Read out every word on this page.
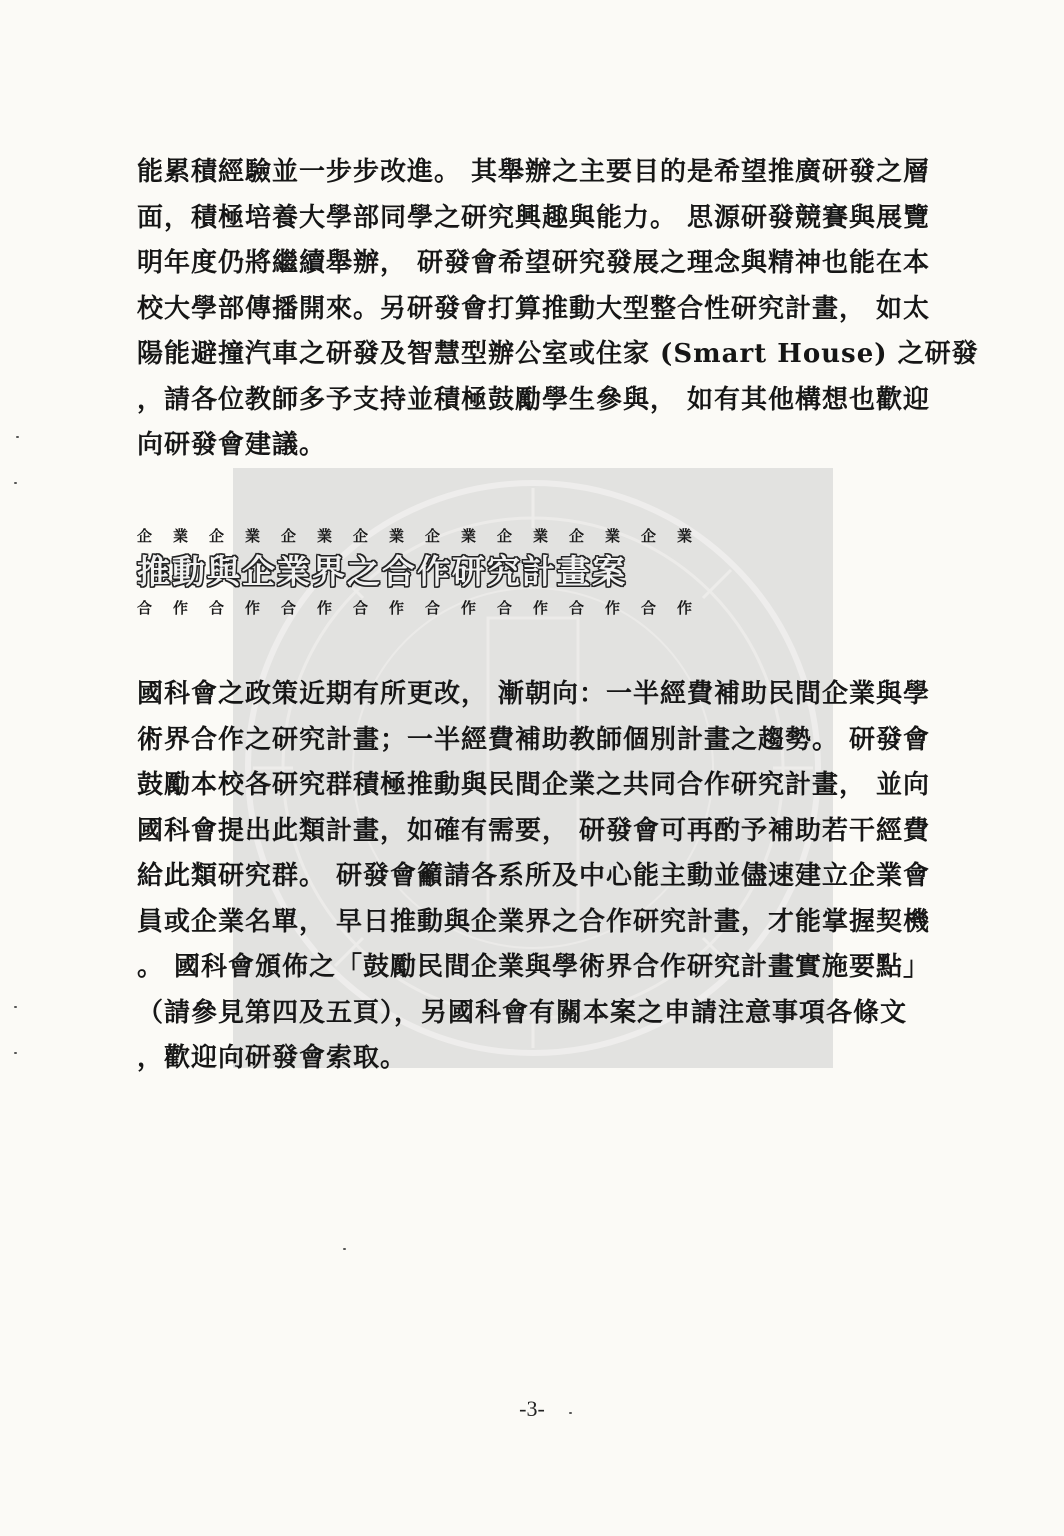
能累積經驗並一步步改進。 其舉辦之主要目的是希望推廣研發之層
面，積極培養大學部同學之研究興趣與能力。 思源研發競賽與展覽
明年度仍將繼續舉辦， 研發會希望研究發展之理念與精神也能在本
校大學部傳播開來。另研發會打算推動大型整合性研究計畫， 如太
陽能避撞汽車之研發及智慧型辦公室或住家 (Smart House) 之研發
，請各位教師多予支持並積極鼓勵學生參與， 如有其他構想也歡迎
向研發會建議。
企 業 企 業 企 業 企 業 企 業 企 業 企 業 企 業
推動與企業界之合作研究計畫案
合 作 合 作 合 作 合 作 合 作 合 作 合 作 合 作
國科會之政策近期有所更改， 漸朝向：一半經費補助民間企業與學
術界合作之研究計畫；一半經費補助教師個別計畫之趨勢。 研發會
鼓勵本校各研究群積極推動與民間企業之共同合作研究計畫， 並向
國科會提出此類計畫，如確有需要， 研發會可再酌予補助若干經費
給此類研究群。 研發會籲請各系所及中心能主動並儘速建立企業會
員或企業名單， 早日推動與企業界之合作研究計畫，才能掌握契機
。 國科會頒佈之「鼓勵民間企業與學術界合作研究計畫實施要點」
（請參見第四及五頁），另國科會有關本案之申請注意事項各條文
，歡迎向研發會索取。
-3-
